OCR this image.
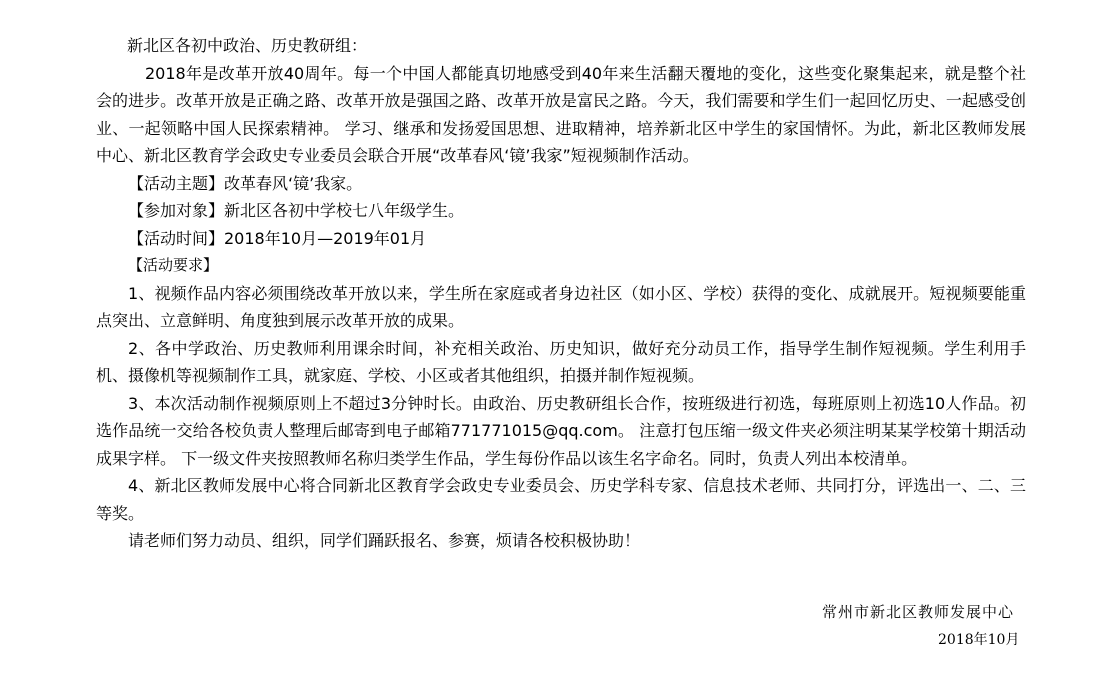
新北区各初中政治、历史教研组：

2018年是改革开放40周年。每一个中国人都能真切地感受到40年来生活翻天覆地的变化，这些变化聚集起来，就是整个社会的进步。改革开放是正确之路、改革开放是强国之路、改革开放是富民之路。今天，我们需要和学生们一起回忆历史、一起感受创业、一起领略中国人民探索精神。 学习、继承和发扬爱国思想、进取精神，培养新北区中学生的家国情怀。为此，新北区教师发展中心、新北区教育学会政史专业委员会联合开展“改革春风‘镜’我家”短视频制作活动。

【活动主题】改革春风‘镜’我家。

【参加对象】新北区各初中学校七八年级学生。

【活动时间】2018年10月—2019年01月

【活动要求】

1、视频作品内容必须围绕改革开放以来，学生所在家庭或者身边社区（如小区、学校）获得的变化、成就展开。短视频要能重点突出、立意鲜明、角度独到展示改革开放的成果。

2、各中学政治、历史教师利用课余时间，补充相关政治、历史知识，做好充分动员工作，指导学生制作短视频。学生利用手机、摄像机等视频制作工具，就家庭、学校、小区或者其他组织，拍摄并制作短视频。

3、本次活动制作视频原则上不超过3分钟时长。由政治、历史教研组长合作，按班级进行初选，每班原则上初选10人作品。初选作品统一交给各校负责人整理后邮寄到电子邮箱771771015@qq.com。 注意打包压缩一级文件夹必须注明某某学校第十期活动成果字样。 下一级文件夹按照教师名称归类学生作品，学生每份作品以该生名字命名。同时，负责人列出本校清单。

4、新北区教师发展中心将合同新北区教育学会政史专业委员会、历史学科专家、信息技术老师、共同打分，评选出一、二、三等奖。

请老师们努力动员、组织，同学们踊跃报名、参赛，烦请各校积极协助！

常州市新北区教师发展中心
2018年10月
